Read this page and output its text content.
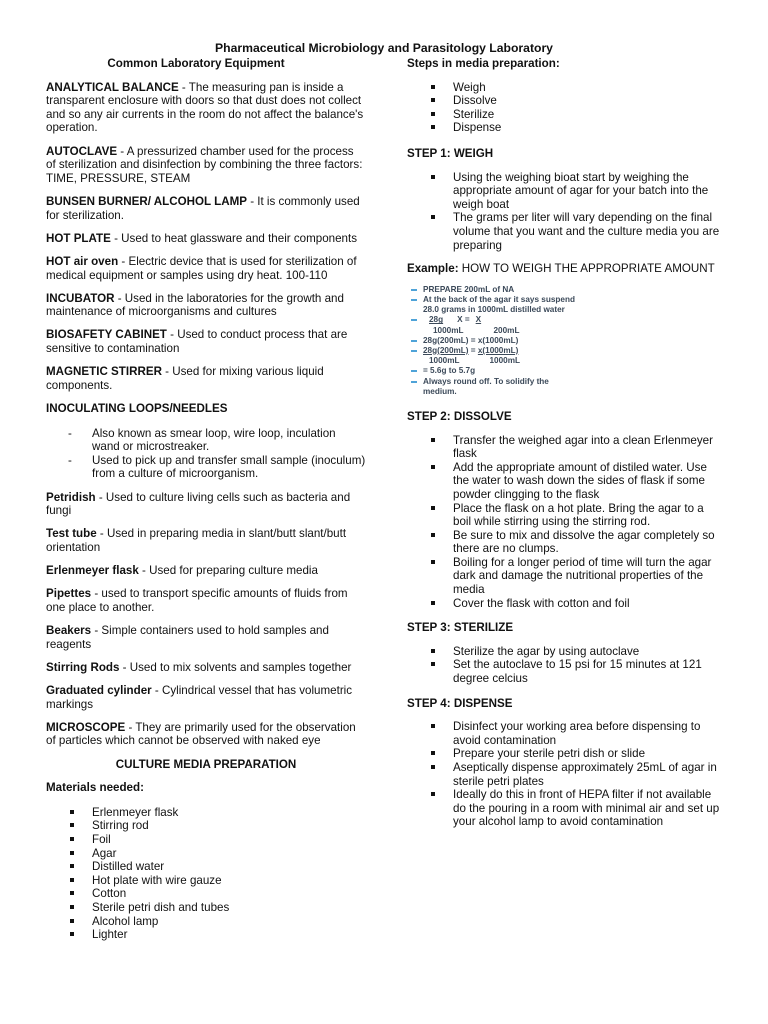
Pharmaceutical Microbiology and Parasitology Laboratory

Common Laboratory Equipment

ANALYTICAL BALANCE - The measuring pan is inside a transparent enclosure with doors so that dust does not collect and so any air currents in the room do not affect the balance's operation.

AUTOCLAVE - A pressurized chamber used for the process of sterilization and disinfection by combining the three factors: TIME, PRESSURE, STEAM

BUNSEN BURNER/ ALCOHOL LAMP - It is commonly used for sterilization.

HOT PLATE - Used to heat glassware and their components

HOT air oven - Electric device that is used for sterilization of medical equipment or samples using dry heat. 100-110

INCUBATOR - Used in the laboratories for the growth and maintenance of microorganisms and cultures

BIOSAFETY CABINET - Used to conduct process that are sensitive to contamination

MAGNETIC STIRRER - Used for mixing various liquid components.

INOCULATING LOOPS/NEEDLES

- Also known as smear loop, wire loop, inculation wand or microstreaker.
- Used to pick up and transfer small sample (inoculum) from a culture of microorganism.

Petridish - Used to culture living cells such as bacteria and fungi

Test tube - Used in preparing media in slant/butt slant/butt orientation

Erlenmeyer flask - Used for preparing culture media

Pipettes - used to transport specific amounts of fluids from one place to another.

Beakers - Simple containers used to hold samples and reagents

Stirring Rods - Used to mix solvents and samples together

Graduated cylinder - Cylindrical vessel that has volumetric markings

MICROSCOPE - They are primarily used for the observation of particles which cannot be observed with naked eye

CULTURE MEDIA PREPARATION

Materials needed:

Erlenmeyer flask
Stirring rod
Foil
Agar
Distilled water
Hot plate with wire gauze
Cotton
Sterile petri dish and tubes
Alcohol lamp
Lighter

Steps in media preparation:

Weigh
Dissolve
Sterilize
Dispense

STEP 1: WEIGH

Using the weighing bioat start by weighing the appropriate amount of agar for your batch into the weigh boat
The grams per liter will vary depending on the final volume that you want and the culture media you are preparing

Example: HOW TO WEIGH THE APPROPRIATE AMOUNT

PREPARE 200mL of NA
At the back of the agar it says suspend
28.0 grams in 1000mL distilled water
28g X = X
1000mL	200mL
28g(200mL) = x(1000mL)
28g(200mL) = x(1000mL)
1000mL	1000mL
= 5.6g to 5.7g
Always round off. To solidify the
medium.

STEP 2: DISSOLVE

Transfer the weighed agar into a clean Erlenmeyer flask
Add the appropriate amount of distiled water. Use the water to wash down the sides of flask if some powder clingging to the flask
Place the flask on a hot plate. Bring the agar to a boil while stirring using the stirring rod.
Be sure to mix and dissolve the agar completely so there are no clumps.
Boiling for a longer period of time will turn the agar dark and damage the nutritional properties of the media
Cover the flask with cotton and foil

STEP 3: STERILIZE

Sterilize the agar by using autoclave
Set the autoclave to 15 psi for 15 minutes at 121 degree celcius

STEP 4: DISPENSE

Disinfect your working area before dispensing to avoid contamination
Prepare your sterile petri dish or slide
Aseptically dispense approximately 25mL of agar in sterile petri plates
Ideally do this in front of HEPA filter if not available do the pouring in a room with minimal air and set up your alcohol lamp to avoid contamination
